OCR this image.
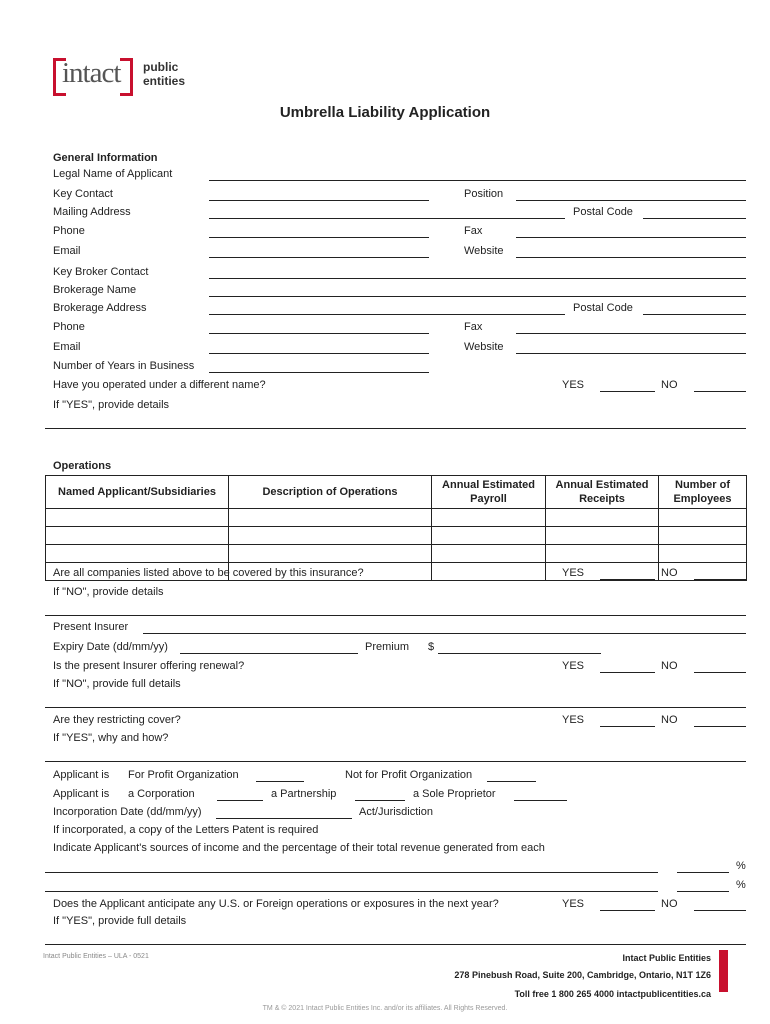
intact public
entities
Umbrella Liability Application
General Information
Legal Name of Applicant
Key Contact	Position
Mailing Address	Postal Code
Phone	Fax
Email	Website
Key Broker Contact
Brokerage Name
Brokerage Address	Postal Code
Phone	Fax
Email	Website
Number of Years in Business
Have you operated under a different name?	YES	NO
If "YES", provide details
Operations
Named Applicant/Subsidiaries	Description of Operations	Annual Estimated Payroll	Annual Estimated Receipts	Number of Employees

Are all companies listed above to be covered by this insurance?	YES	NO
If "NO", provide details
Present Insurer
Expiry Date (dd/mm/yy)	Premium $
Is the present Insurer offering renewal?	YES	NO
If "NO", provide full details
Are they restricting cover?	YES	NO
If "YES", why and how?
Applicant is For Profit Organization	Not for Profit Organization
Applicant is a Corporation	a Partnership	a Sole Proprietor
Incorporation Date (dd/mm/yy)	Act/Jurisdiction
If incorporated, a copy of the Letters Patent is required
Indicate Applicant's sources of income and the percentage of their total revenue generated from each
%
%
Does the Applicant anticipate any U.S. or Foreign operations or exposures in the next year?	YES	NO
If "YES", provide full details
Intact Public Entities – ULA - 0521	Intact Public Entities
278 Pinebush Road, Suite 200, Cambridge, Ontario, N1T 1Z6
Toll free 1 800 265 4000 intactpublicentities.ca
TM & © 2021 Intact Public Entities Inc. and/or its affiliates. All Rights Reserved.
